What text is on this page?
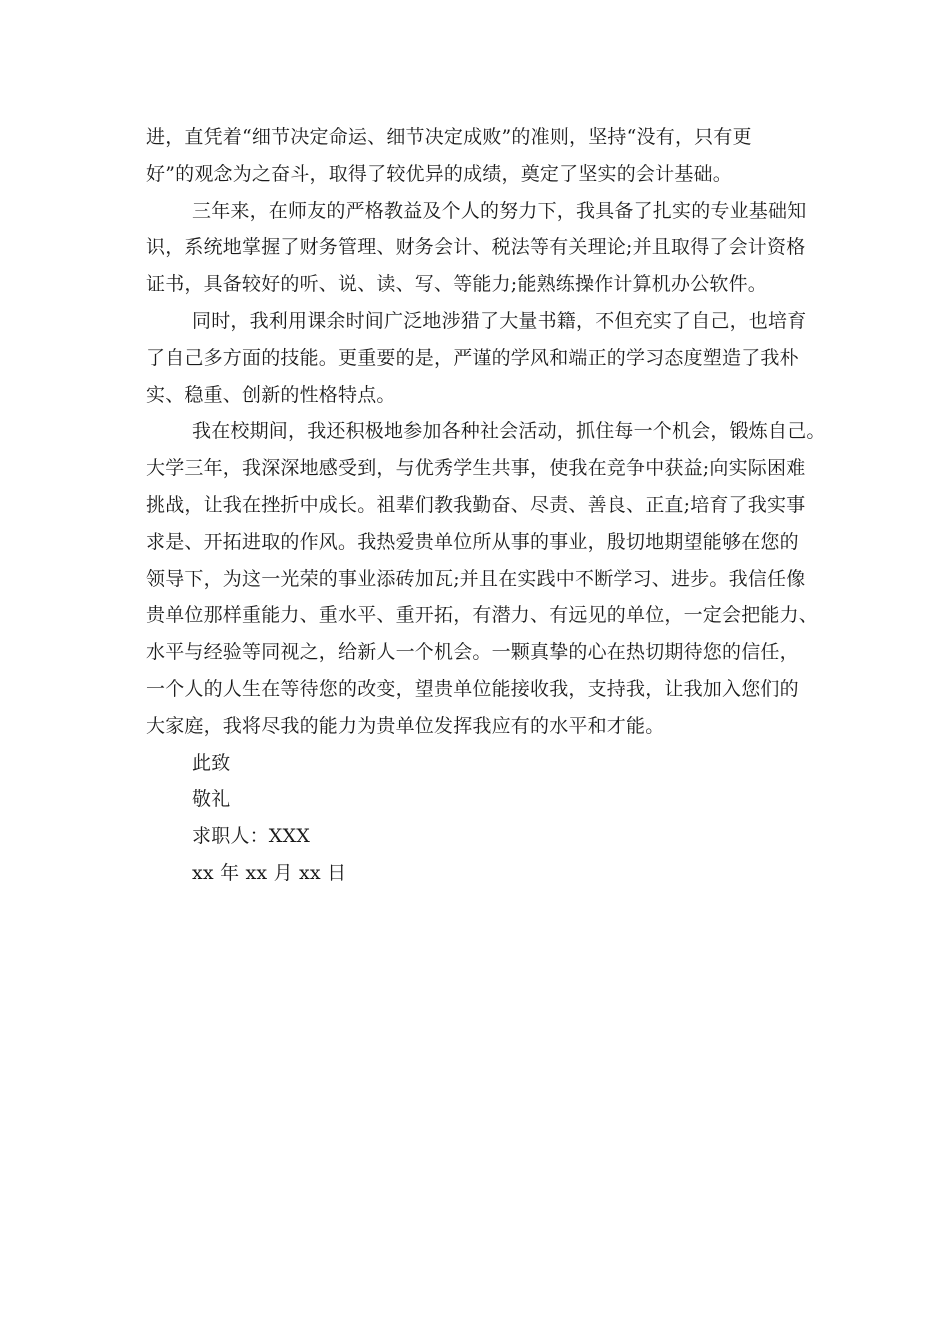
进，直凭着“细节决定命运、细节决定成败”的准则，坚持“没有，只有更
好”的观念为之奋斗，取得了较优异的成绩，奠定了坚实的会计基础。
三年来，在师友的严格教益及个人的努力下，我具备了扎实的专业基础知
识，系统地掌握了财务管理、财务会计、税法等有关理论;并且取得了会计资格
证书，具备较好的听、说、读、写、等能力;能熟练操作计算机办公软件。
同时，我利用课余时间广泛地涉猎了大量书籍，不但充实了自己，也培育
了自己多方面的技能。更重要的是，严谨的学风和端正的学习态度塑造了我朴
实、稳重、创新的性格特点。
我在校期间，我还积极地参加各种社会活动，抓住每一个机会，锻炼自己。
大学三年，我深深地感受到，与优秀学生共事，使我在竞争中获益;向实际困难
挑战，让我在挫折中成长。祖辈们教我勤奋、尽责、善良、正直;培育了我实事
求是、开拓进取的作风。我热爱贵单位所从事的事业，殷切地期望能够在您的
领导下，为这一光荣的事业添砖加瓦;并且在实践中不断学习、进步。我信任像
贵单位那样重能力、重水平、重开拓，有潜力、有远见的单位，一定会把能力、
水平与经验等同视之，给新人一个机会。一颗真挚的心在热切期待您的信任，
一个人的人生在等待您的改变，望贵单位能接收我，支持我，让我加入您们的
大家庭，我将尽我的能力为贵单位发挥我应有的水平和才能。
此致
敬礼
求职人：XXX
xx 年 xx 月 xx 日
